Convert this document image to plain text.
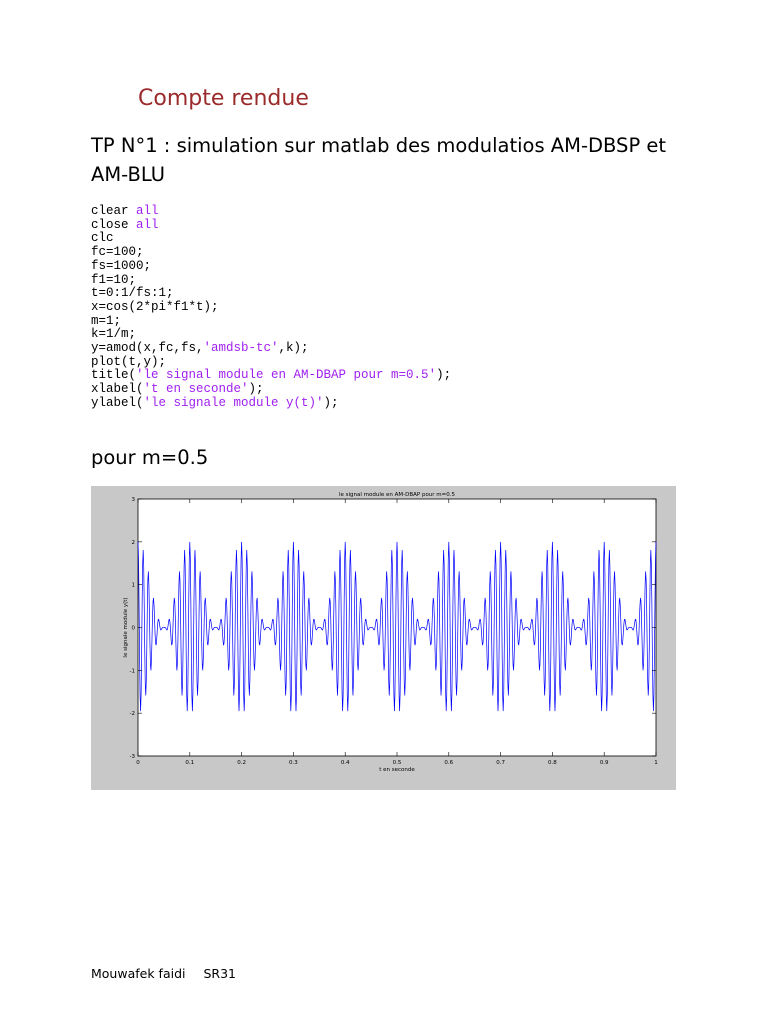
Compte rendue
TP N°1 : simulation sur matlab des modulatios AM-DBSP et AM-BLU
clear all
close all
clc
fc=100;
fs=1000;
f1=10;
t=0:1/fs:1;
x=cos(2*pi*f1*t);
m=1;
k=1/m;
y=amod(x,fc,fs,'amdsb-tc',k);
plot(t,y);
title('le signal module en AM-DBAP pour m=0.5');
xlabel('t en seconde');
ylabel('le signale module y(t)');
pour m=0.5
0	0.1	0.2	0.3	0.4	0.5	0.6	0.7	0.8	0.9	1
-3
-2
-1
0
1
2
3
le signal module en AM-DBAP pour m=0.5
t en seconde
le signale module y(t)
Mouwafek faidi SR31
